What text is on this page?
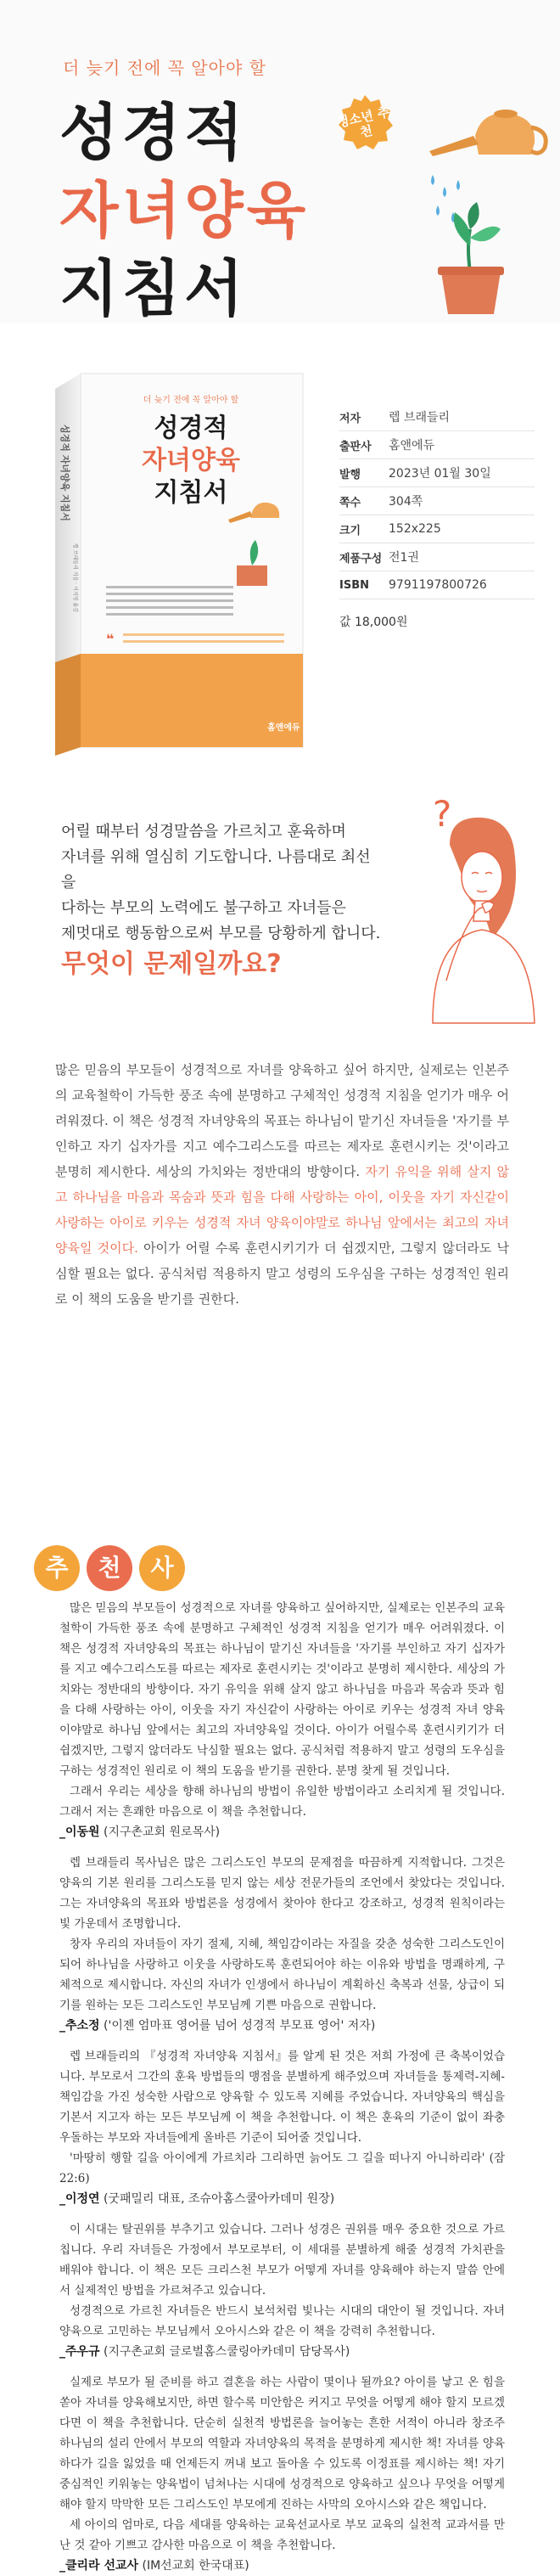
더 늦기 전에 꼭 알아야 할
성경적
자녀양육
지침서
청소년 추천
더 늦기 전에 꼭 알아야 할
성경적
자녀양육
지침서
❝
성경적 자녀양육 지침서
렙 브래들리 지음 · 이지영 옮김
홈앤에듀
저자	렙 브래들리
출판사	홈앤에듀
발행	2023년 01월 30일
쪽수	304쪽
크기	152x225
제품구성 전1권
ISBN	9791197800726
값 18,000원
어릴 때부터 성경말씀을 가르치고 훈육하며
자녀를 위해 열심히 기도합니다. 나름대로 최선을
다하는 부모의 노력에도 불구하고 자녀들은
제멋대로 행동함으로써 부모를 당황하게 합니다.
무엇이 문제일까요?
?
많은 믿음의 부모들이 성경적으로 자녀를 양육하고 싶어 하지만, 실제로는 인본주의 교육철학이 가득한 풍조 속에 분명하고 구체적인 성경적 지침을 얻기가 매우 어려워졌다. 이 책은 성경적 자녀양육의 목표는 하나님이 맡기신 자녀들을 '자기를 부인하고 자기 십자가를 지고 예수그리스도를 따르는 제자로 훈련시키는 것'이라고 분명히 제시한다. 세상의 가치와는 정반대의 방향이다. 자기 유익을 위해 살지 않고 하나님을 마음과 목숨과 뜻과 힘을 다해 사랑하는 아이, 이웃을 자기 자신같이 사랑하는 아이로 키우는 성경적 자녀 양육이야말로 하나님 앞에서는 최고의 자녀양육일 것이다. 아이가 어릴 수록 훈련시키기가 더 쉽겠지만, 그렇지 않더라도 낙심할 필요는 없다. 공식처럼 적용하지 말고 성령의 도우심을 구하는 성경적인 원리로 이 책의 도움을 받기를 권한다.
추	천	사

많은 믿음의 부모들이 성경적으로 자녀를 양육하고 싶어하지만, 실제로는 인본주의 교육철학이 가득한 풍조 속에 분명하고 구체적인 성경적 지침을 얻기가 매우 어려워졌다. 이 책은 성경적 자녀양육의 목표는 하나님이 맡기신 자녀들을 '자기를 부인하고 자기 십자가를 지고 예수그리스도를 따르는 제자로 훈련시키는 것'이라고 분명히 제시한다. 세상의 가치와는 정반대의 방향이다. 자기 유익을 위해 살지 않고 하나님을 마음과 목숨과 뜻과 힘을 다해 사랑하는 아이, 이웃을 자기 자신같이 사랑하는 아이로 키우는 성경적 자녀 양육이야말로 하나님 앞에서는 최고의 자녀양육일 것이다. 아이가 어릴수록 훈련시키기가 더 쉽겠지만, 그렇지 않더라도 낙심할 필요는 없다. 공식처럼 적용하지 말고 성령의 도우심을 구하는 성경적인 원리로 이 책의 도움을 받기를 권한다. 분명 찾게 될 것입니다.

그래서 우리는 세상을 향해 하나님의 방법이 유일한 방법이라고 소리치게 될 것입니다. 그래서 저는 흔쾌한 마음으로 이 책을 추천합니다.

_이동원 (지구촌교회 원로목사)

렙 브래들리 목사님은 많은 그리스도인 부모의 문제점을 따끔하게 지적합니다. 그것은 양육의 기본 원리를 그리스도를 믿지 않는 세상 전문가들의 조언에서 찾았다는 것입니다. 그는 자녀양육의 목표와 방법론을 성경에서 찾아야 한다고 강조하고, 성경적 원칙이라는 빛 가운데서 조명합니다.

창자 우리의 자녀들이 자기 절제, 지혜, 책임감이라는 자질을 갖춘 성숙한 그리스도인이 되어 하나님을 사랑하고 이웃을 사랑하도록 훈련되어야 하는 이유와 방법을 명쾌하게, 구체적으로 제시합니다. 자신의 자녀가 인생에서 하나님이 계획하신 축복과 선물, 상급이 되기를 원하는 모든 그리스도인 부모님께 기쁜 마음으로 권합니다.

_추소정 ('이젠 엄마표 영어를 넘어 성경적 부모표 영어' 저자)

렙 브래들리의 『성경적 자녀양육 지침서』를 알게 된 것은 저희 가정에 큰 축복이었습니다. 부모로서 그간의 훈육 방법들의 맹점을 분별하게 해주었으며 자녀들을 통제력-지혜-책임감을 가진 성숙한 사람으로 양육할 수 있도록 지혜를 주었습니다. 자녀양육의 핵심을 기본서 지고자 하는 모든 부모님께 이 책을 추천합니다. 이 책은 훈육의 기준이 없이 좌충우돌하는 부모와 자녀들에게 올바른 기준이 되어줄 것입니다.

'마땅히 행할 길을 아이에게 가르치라 그리하면 늙어도 그 길을 떠나지 아니하리라' (잠 22:6)

_이정연 (굿패밀리 대표, 조슈아홈스쿨아카데미 원장)

이 시대는 탈권위를 부추기고 있습니다. 그러나 성경은 권위를 매우 중요한 것으로 가르칩니다. 우리 자녀들은 가정에서 부모로부터, 이 세대를 분별하게 해줄 성경적 가치관을 배워야 합니다. 이 책은 모든 크리스천 부모가 어떻게 자녀를 양육해야 하는지 말씀 안에서 실제적인 방법을 가르쳐주고 있습니다.

성경적으로 가르친 자녀들은 반드시 보석처럼 빛나는 시대의 대안이 될 것입니다. 자녀양육으로 고민하는 부모님께서 오아시스와 같은 이 책을 강력히 추천합니다.

_주우규 (지구촌교회 글로벌홈스쿨링아카데미 담당목사)

실제로 부모가 될 준비를 하고 결혼을 하는 사람이 몇이나 될까요? 아이를 낳고 온 힘을 쏟아 자녀를 양육해보지만, 하면 할수록 미안함은 커지고 무엇을 어떻게 해야 할지 모르겠다면 이 책을 추천합니다. 단순히 실천적 방법론을 늘어놓는 흔한 서적이 아니라 창조주 하나님의 설리 안에서 부모의 역할과 자녀양육의 목적을 분명하게 제시한 책! 자녀를 양육하다가 길을 잃었을 때 언제든지 꺼내 보고 돌아올 수 있도록 이정표를 제시하는 책! 자기 중심적인 키워놓는 양육법이 넘쳐나는 시대에 성경적으로 양육하고 싶으나 무엇을 어떻게 해야 할지 막막한 모든 그리스도인 부모에게 진하는 사막의 오아시스와 같은 책입니다.

세 아이의 엄마로, 다음 세대를 양육하는 교육선교사로 부모 교육의 실천적 교과서를 만난 것 같아 기쁘고 감사한 마음으로 이 책을 추천합니다.

_클리라 선교사 (IM선교회 한국대표)
